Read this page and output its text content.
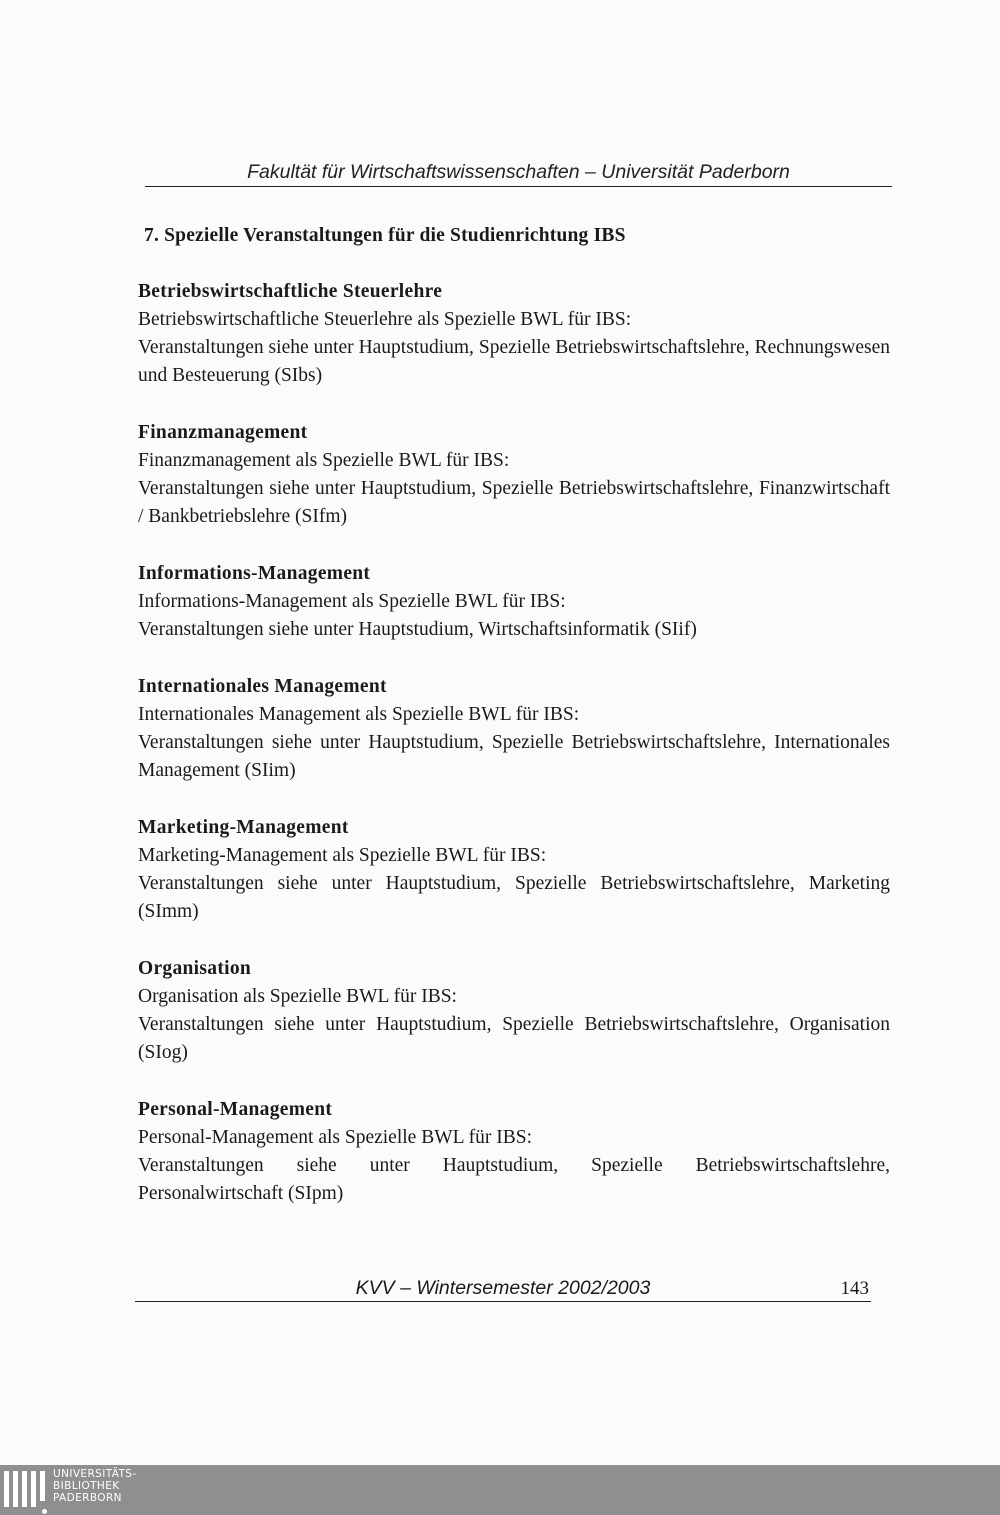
Fakultät für Wirtschaftswissenschaften – Universität Paderborn
7. Spezielle Veranstaltungen für die Studienrichtung IBS
Betriebswirtschaftliche Steuerlehre

Betriebswirtschaftliche Steuerlehre als Spezielle BWL für IBS:

Veranstaltungen siehe unter Hauptstudium, Spezielle Betriebswirtschaftslehre, Rechnungswesen und Besteuerung (SIbs)

Finanzmanagement

Finanzmanagement als Spezielle BWL für IBS:

Veranstaltungen siehe unter Hauptstudium, Spezielle Betriebswirtschaftslehre, Finanzwirtschaft / Bankbetriebslehre (SIfm)

Informations-Management

Informations-Management als Spezielle BWL für IBS:

Veranstaltungen siehe unter Hauptstudium, Wirtschaftsinformatik (SIif)

Internationales Management

Internationales Management als Spezielle BWL für IBS:

Veranstaltungen siehe unter Hauptstudium, Spezielle Betriebswirtschaftslehre, Internationales Management (SIim)

Marketing-Management

Marketing-Management als Spezielle BWL für IBS:

Veranstaltungen siehe unter Hauptstudium, Spezielle Betriebswirtschaftslehre, Marketing (SImm)

Organisation

Organisation als Spezielle BWL für IBS:

Veranstaltungen siehe unter Hauptstudium, Spezielle Betriebswirtschaftslehre, Organisation (SIog)

Personal-Management

Personal-Management als Spezielle BWL für IBS:

Veranstaltungen siehe unter Hauptstudium, Spezielle Betriebswirtschaftslehre, Personalwirtschaft (SIpm)

KVV – Wintersemester 2002/2003	143
UNIVERSITÄTS-
BIBLIOTHEK
PADERBORN
